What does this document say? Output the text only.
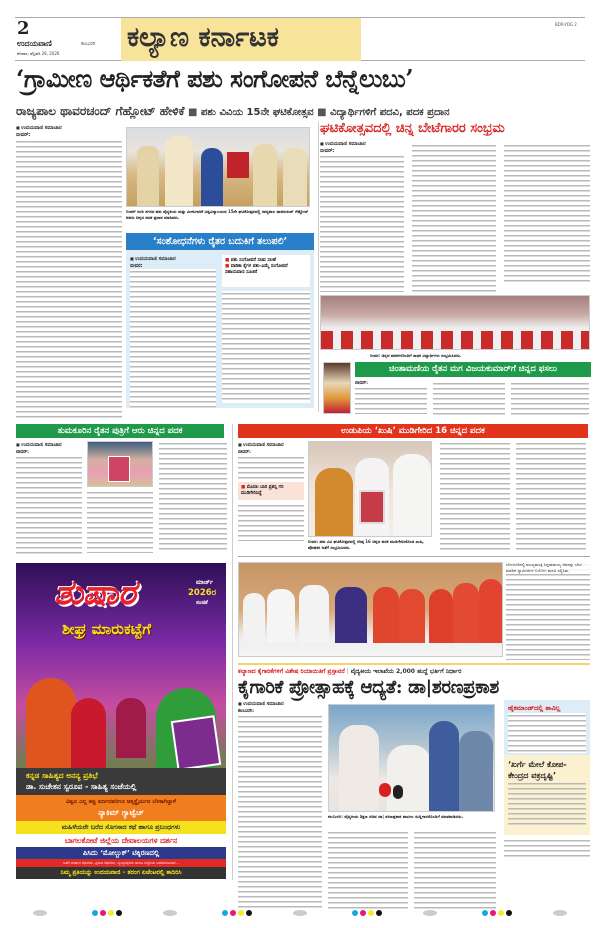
2
ಉದಯವಾಣಿ	ಕಲಬುರಗಿ
ಶನಿವಾರ, ಫೆಬ್ರವರಿ 28, 2026
ಕಲ್ಯಾಣ ಕರ್ನಾಟಕ	BDR-YDG 2
‘ಗ್ರಾಮೀಣ ಆರ್ಥಿಕತೆಗೆ ಪಶು ಸಂಗೋಪನೆ ಬೆನ್ನೆಲುಬು’
ರಾಜ್ಯಪಾಲ ಥಾವರಚಂದ್ ಗೆಹ್ಲೋಟ್ ಹೇಳಿಕೆ ■ ಪಶು ವಿವಿಯ 15ನೇ ಘಟಿಕೋತ್ಸವ ■ ವಿದ್ಯಾರ್ಥಿಗಳಿಗೆ ಪದವಿ, ಪದಕ ಪ್ರದಾನ
■ ಉದಯವಾಣಿ ಸಮಾಚಾರ
ಬೀದರ್:
ಬೀದರ್ ನಂದಿ ನಗರದ ಪಶು ವೈದ್ಯಕೀಯ ಮತ್ತು ಮೀನುಗಾರಿಕೆ ವಿಶ್ವವಿದ್ಯಾಲಯದ 15ನೇ ಘಟಿಕೋತ್ಸವದಲ್ಲಿ ರಾಜ್ಯಪಾಲ ಥಾವರಚಂದ್ ಗೆಹ್ಲೋಟ್ ಅವರು ಚಿನ್ನದ ಪದಕ ಪ್ರದಾನ ಮಾಡಿದರು.
‘ಸಂಶೋಧನೆಗಳು ರೈತರ ಬದುಕಿಗೆ ತಲುಪಲಿ’
■ ಉದಯವಾಣಿ ಸಮಾಚಾರ
ಬೀದರ:
■ ಪಶು ಸಂಗೋಪನೆ ಸಚಿವ ಸಲಹೆ
■ ವಾಡಿಕಾ ಕೈಗಳ ಪಶು-ಎಮ್ಮೆ ಸಂಗೋಪನೆ ಸಹಾಯವಾಣಿ ಸೂಚನೆ
ಘಟಿಕೋತ್ಸವದಲ್ಲಿ ಚಿನ್ನ ಬೇಟೆಗಾರರ ಸಂಭ್ರಮ
■ ಉದಯವಾಣಿ ಸಮಾಚಾರ
ಬೀದರ್:
ಬೀದರ: ಚಿನ್ನದ ಪದಕಗಳೊಂದಿಗೆ ಸಾಧಕ ವಿದ್ಯಾರ್ಥಿಗಳು ಸಂಭ್ರಮಿಸಿದರು.
ಚಿಂತಾಮಣಿಯ ರೈತನ ಮಗ ವಿಜಯಕುಮಾರ್‌ಗೆ ಚಿನ್ನದ ಫಸಲು
ಬೀದರ್:
ತುಮಕೂರಿನ ರೈತನ ಪುತ್ರಿಗೆ ಆರು ಚಿನ್ನದ ಪದಕ
■ ಉದಯವಾಣಿ ಸಮಾಚಾರ
ಬೀದರ್:
ಉಡುಪಿಯ ‘ಖುಷಿ’ ಮುಡಿಗೇರಿದ 16 ಚಿನ್ನದ ಪದಕ
■ ಉದಯವಾಣಿ ಸಮಾಚಾರ
ಬೀದರ್:
■ ಮೊದಲ ಬಾರಿ ಪ್ರಶಸ್ತಿ ಗರಿ ಮುಡಿಗೇರಿಸಿದ್ದೆ
ಬೀದರ: ಪಶು ವಿವಿ ಘಟಿಕೋತ್ಸವದಲ್ಲಿ ಗರಿಷ್ಠ 16 ಚಿನ್ನದ ಪದಕ ಮುಡಿಗೇರಿಸಿಕೊಂಡ ಖುಷಿ, ಪೋಷಕರ ಜತೆಗೆ ಸಂಭ್ರಮಿಸಿದರು.
ತುಷಾರ	ಮಾರ್ಚ್
2026ರ
ಸಂಚಿಕೆ
ಶೀಘ್ರ ಮಾರುಕಟ್ಟೆಗೆ
ಕನ್ನಡ ಸಾಹಿತ್ಯದ ಅನನ್ಯ ಪ್ರತಿಭೆ
ಡಾ. ಸುಚೇತನ ಸ್ವರೂಪ - ಸಾಹಿತ್ಯ ಸಂಜೆಯಲ್ಲಿ
ವಿಶ್ವದ ಎಲ್ಲ ಕಪ್ಪು ವರ್ಣದವರಿಗೂ ಆತ್ಮಸ್ಥೈರ್ಯದ ಬೆಳಕಾಗಿದ್ದಾಳೆ
ನ್ಯಾಕಿಮ್ ಗ್ಯಾಟ್ವೆಚ್
ಮಹಿಳೆಯರೇ ಬರೆದ ಸೊಗಸಾದ ಕಥೆ ಹಾಗೂ ಪ್ರಬಂಧಗಳು
ಬಾಗಲಕೋಟೆ ಜಿಲ್ಲೆಯ ದೇವಾಲಯಗಳ ದರ್ಶನ
ಪಿಸಿದು ‘ಮೋಲ್ಬುಕ್’ ಟಿಕ್ಕಿರಣದಲ್ಲಿ
ಜತೆಗೆ ಆಕರ್ಷಕ ಕಥನಗಳು, ಪ್ರವಾಸ ಕಥನಗಳು, ವ್ಯಂಗ್ಯಚಿತ್ರಗಳು ಹಾಗೂ ಅಚ್ಚರಿಯ ಬರಹಗಳೊಂದಿಗೆ...
ನಿಮ್ಮ ಪ್ರತಿಯನ್ನು ಉದಯವಾಣಿ – ತರಂಗ ಏಜೆಂಟರಲ್ಲಿ ಕಾದಿರಿಸಿ
ಬೆಂಗಳೂರಿನಲ್ಲಿ ಮುಖ್ಯಮಂತ್ರಿ ಸಿದ್ದರಾಮಯ್ಯ ಅವರನ್ನು ಭೇಟಿ ಮಾಡಿದ ಸ್ವಾಮೀಜಿಗಳ ನಿಯೋಗ ಮನವಿ ಸಲ್ಲಿಸಿತು.
ಕಲ್ಯಾಣದ ಕೈಗಾರಿಕೆಗಳಿಗೆ ವಿಶೇಷ ರಿಯಾಯಿತಿಗೆ ಪ್ರಸ್ತಾವನೆ | ವೈದ್ಯಕೀಯ ಇಲಾಖೆಯ 2,000 ಹುದ್ದೆ ಭರ್ತಿಗೆ ನಿರ್ಧಾರ
ಕೈಗಾರಿಕೆ ಪ್ರೋತ್ಸಾಹಕ್ಕೆ ಆದ್ಯತೆ: ಡಾ|ಶರಣಪ್ರಕಾಶ
■ ಉದಯವಾಣಿ ಸಮಾಚಾರ
ಕಲಬುರಗಿ:
ಕಲಬುರಗಿ: ವೈದ್ಯಕೀಯ ಶಿಕ್ಷಣ ಸಚಿವ ಡಾ| ಶರಣಪ್ರಕಾಶ ಪಾಟೀಲ ಸುದ್ದಿಗಾರರೊಂದಿಗೆ ಮಾತನಾಡಿದರು.
ಹೈಕಮಾಂಡ್‌ದಲ್ಲಿ ತಾವಿಲ್ಲ
‘ಖರ್ಗೆ ಮೇಲೆ ಕೋಪ- ಕೇಂದ್ರದ ವಕ್ರದೃಷ್ಟಿ’
